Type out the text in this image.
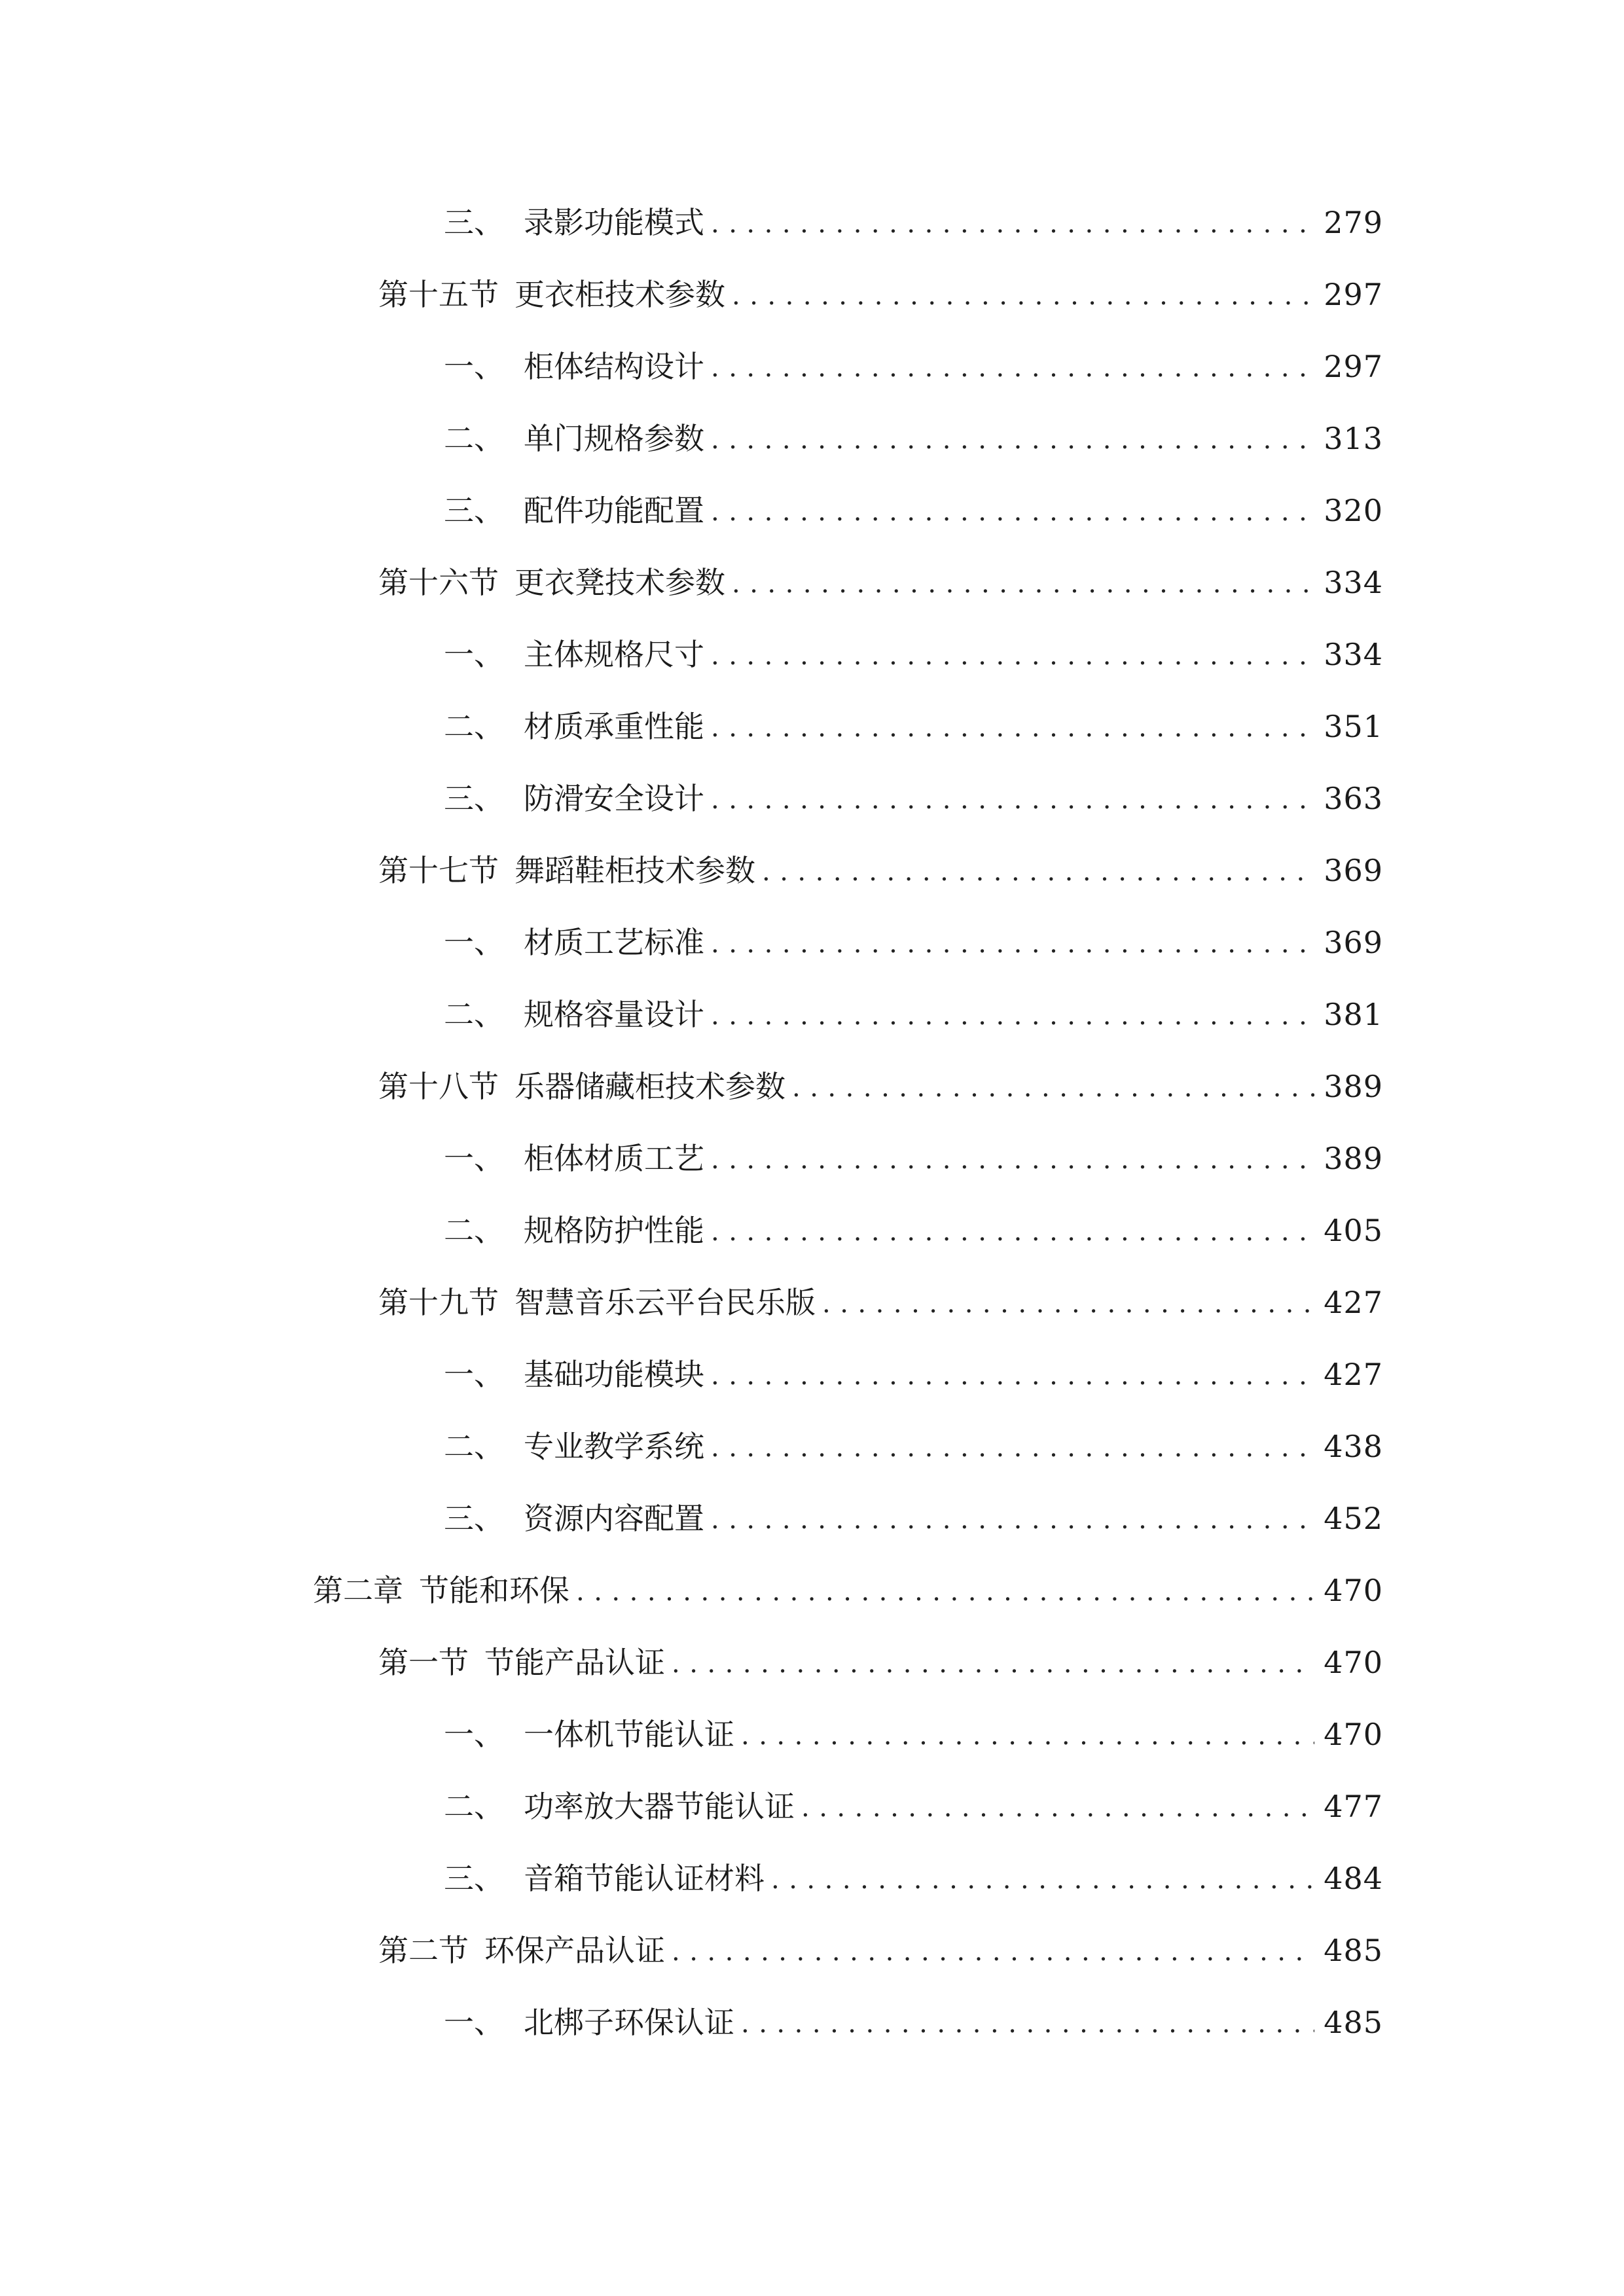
三、 录影功能模式 .....	279
第十五节 更衣柜技术参数 .....	297
一、 柜体结构设计 .....	297
二、 单门规格参数 .....	313
三、 配件功能配置 .....	320
第十六节 更衣凳技术参数 .....	334
一、 主体规格尺寸 .....	334
二、 材质承重性能 .....	351
三、 防滑安全设计 .....	363
第十七节 舞蹈鞋柜技术参数 .....	369
一、 材质工艺标准 .....	369
二、 规格容量设计 .....	381
第十八节 乐器储藏柜技术参数 .....	389
一、 柜体材质工艺 .....	389
二、 规格防护性能 .....	405
第十九节 智慧音乐云平台民乐版 .....	427
一、 基础功能模块 .....	427
二、 专业教学系统 .....	438
三、 资源内容配置 .....	452
第二章 节能和环保 .....	470
第一节 节能产品认证 .....	470
一、 一体机节能认证 .....	470
二、 功率放大器节能认证 .....	477
三、 音箱节能认证材料 .....	484
第二节 环保产品认证 .....	485
一、 北梆子环保认证 .....	485
